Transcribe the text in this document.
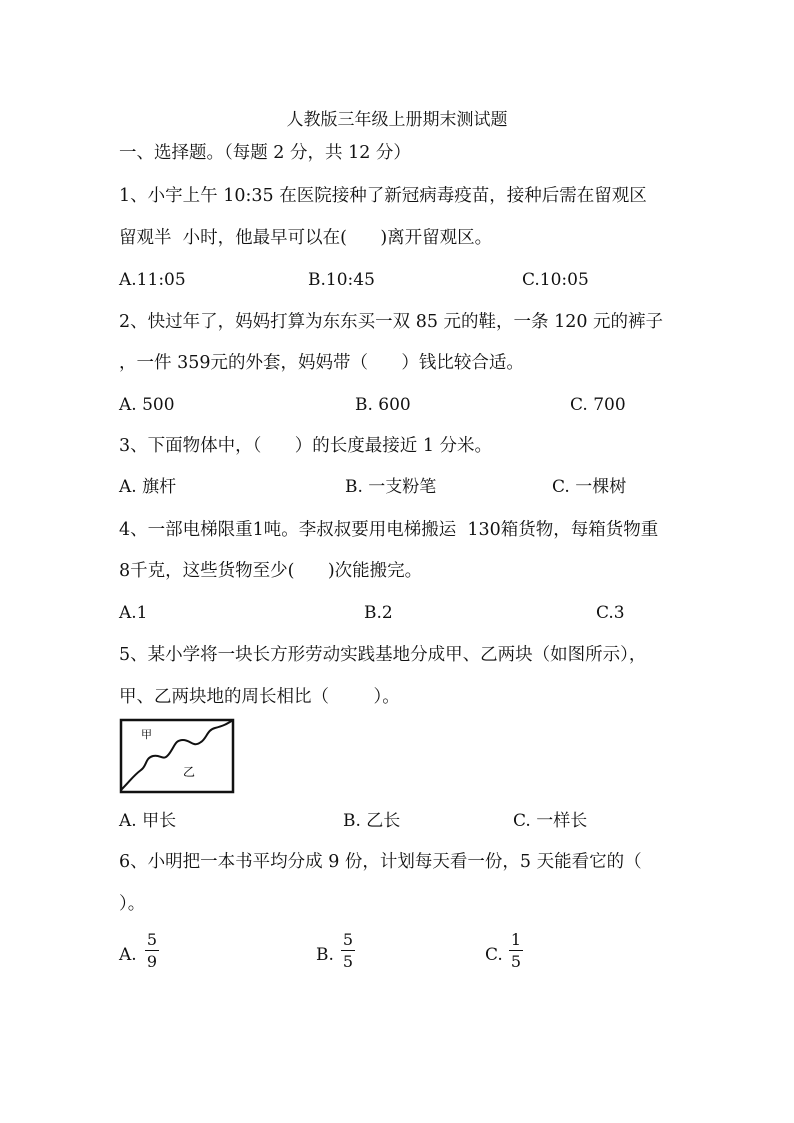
人教版三年级上册期末测试题
一、选择题。（每题 2 分，共 12 分）
1、小宇上午 10:35 在医院接种了新冠病毒疫苗，接种后需在留观区
留观半  小时，他最早可以在(      )离开留观区。
A.11:05	B.10:45	C.10:05
2、快过年了，妈妈打算为东东买一双 85 元的鞋，一条 120 元的裤子
，一件 359元的外套，妈妈带（      ）钱比较合适。
A. 500	B. 600	C. 700
3、下面物体中，（      ）的长度最接近 1 分米。
A. 旗杆	B. 一支粉笔	C. 一棵树
4、一部电梯限重1吨。李叔叔要用电梯搬运  130箱货物，每箱货物重
8千克，这些货物至少(      )次能搬完。
A.1	B.2	C.3
5、某小学将一块长方形劳动实践基地分成甲、乙两块（如图所示），
甲、乙两块地的周长相比（        ）。
甲
乙
A. 甲长	B. 乙长	C. 一样长
6、小明把一本书平均分成 9 份，计划每天看一份，5 天能看它的（
）。
A.
5
9	B.
5
5	C.
1
5
